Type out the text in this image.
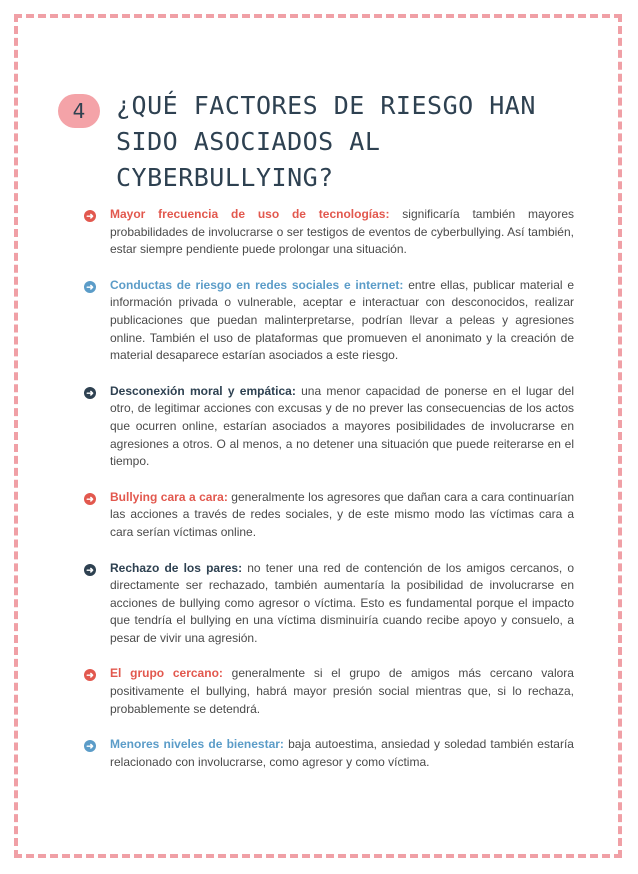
4	¿QUÉ FACTORES DE RIESGO HAN SIDO ASOCIADOS AL CYBERBULLYING?
➜ Mayor frecuencia de uso de tecnologías: significaría también mayores probabilidades de involucrarse o ser testigos de eventos de cyberbullying. Así también, estar siempre pendiente puede prolongar una situación.
➜ Conductas de riesgo en redes sociales e internet: entre ellas, publicar material e información privada o vulnerable, aceptar e interactuar con desconocidos, realizar publicaciones que puedan malinterpretarse, podrían llevar a peleas y agresiones online. También el uso de plataformas que promueven el anonimato y la creación de material desaparece estarían asociados a este riesgo.
➜ Desconexión moral y empática: una menor capacidad de ponerse en el lugar del otro, de legitimar acciones con excusas y de no prever las consecuencias de los actos que ocurren online, estarían asociados a mayores posibilidades de involucrarse en agresiones a otros. O al menos, a no detener una situación que puede reiterarse en el tiempo.
➜ Bullying cara a cara: generalmente los agresores que dañan cara a cara continuarían las acciones a través de redes sociales, y de este mismo modo las víctimas cara a cara serían víctimas online.
➜ Rechazo de los pares: no tener una red de contención de los amigos cercanos, o directamente ser rechazado, también aumentaría la posibilidad de involucrarse en acciones de bullying como agresor o víctima. Esto es fundamental porque el impacto que tendría el bullying en una víctima disminuiría cuando recibe apoyo y consuelo, a pesar de vivir una agresión.
➜ El grupo cercano: generalmente si el grupo de amigos más cercano valora positivamente el bullying, habrá mayor presión social mientras que, si lo rechaza, probablemente se detendrá.
➜ Menores niveles de bienestar: baja autoestima, ansiedad y soledad también estaría relacionado con involucrarse, como agresor y como víctima.
